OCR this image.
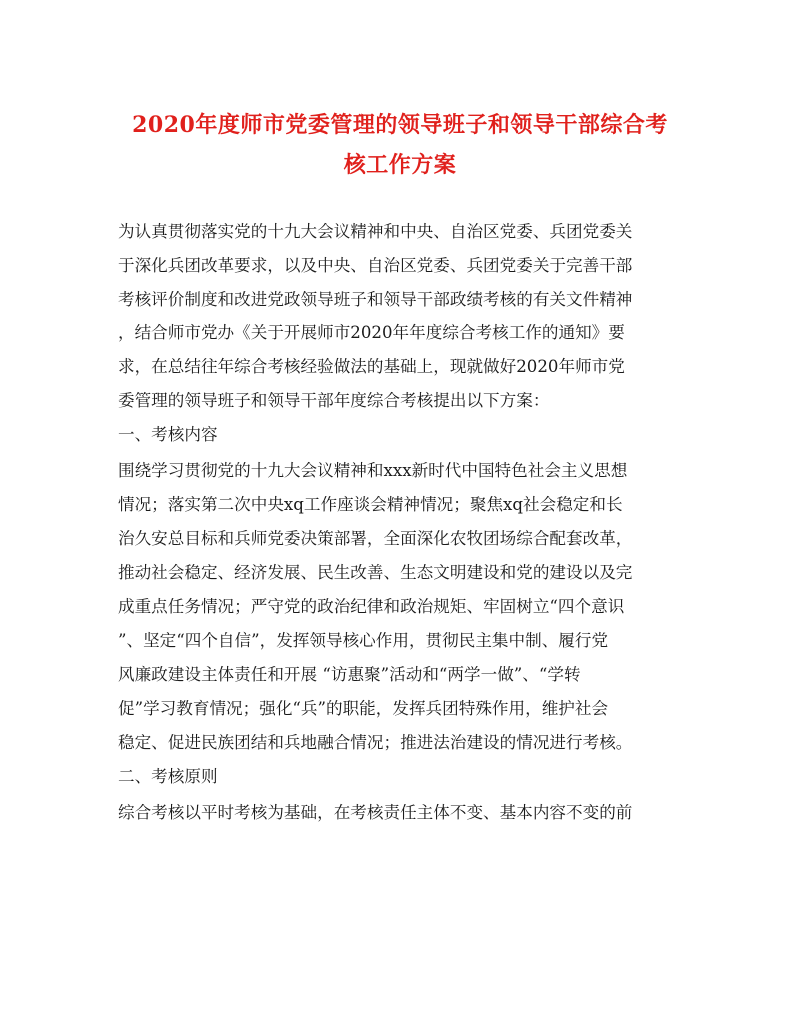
2020年度师市党委管理的领导班子和领导干部综合考
核工作方案

为认真贯彻落实党的十九大会议精神和中央、自治区党委、兵团党委关

于深化兵团改革要求，以及中央、自治区党委、兵团党委关于完善干部

考核评价制度和改进党政领导班子和领导干部政绩考核的有关文件精神

，结合师市党办《关于开展师市2020年年度综合考核工作的通知》要

求，在总结往年综合考核经验做法的基础上，现就做好2020年师市党

委管理的领导班子和领导干部年度综合考核提出以下方案：

一、考核内容

围绕学习贯彻党的十九大会议精神和xxx新时代中国特色社会主义思想

情况；落实第二次中央xq工作座谈会精神情况；聚焦xq社会稳定和长

治久安总目标和兵师党委决策部署，全面深化农牧团场综合配套改革，

推动社会稳定、经济发展、民生改善、生态文明建设和党的建设以及完

成重点任务情况；严守党的政治纪律和政治规矩、牢固树立“四个意识

”、坚定“四个自信”，发挥领导核心作用，贯彻民主集中制、履行党

风廉政建设主体责任和开展 “访惠聚”活动和“两学一做”、“学转

促”学习教育情况；强化“兵”的职能，发挥兵团特殊作用，维护社会

稳定、促进民族团结和兵地融合情况；推进法治建设的情况进行考核。

二、考核原则

综合考核以平时考核为基础，在考核责任主体不变、基本内容不变的前
